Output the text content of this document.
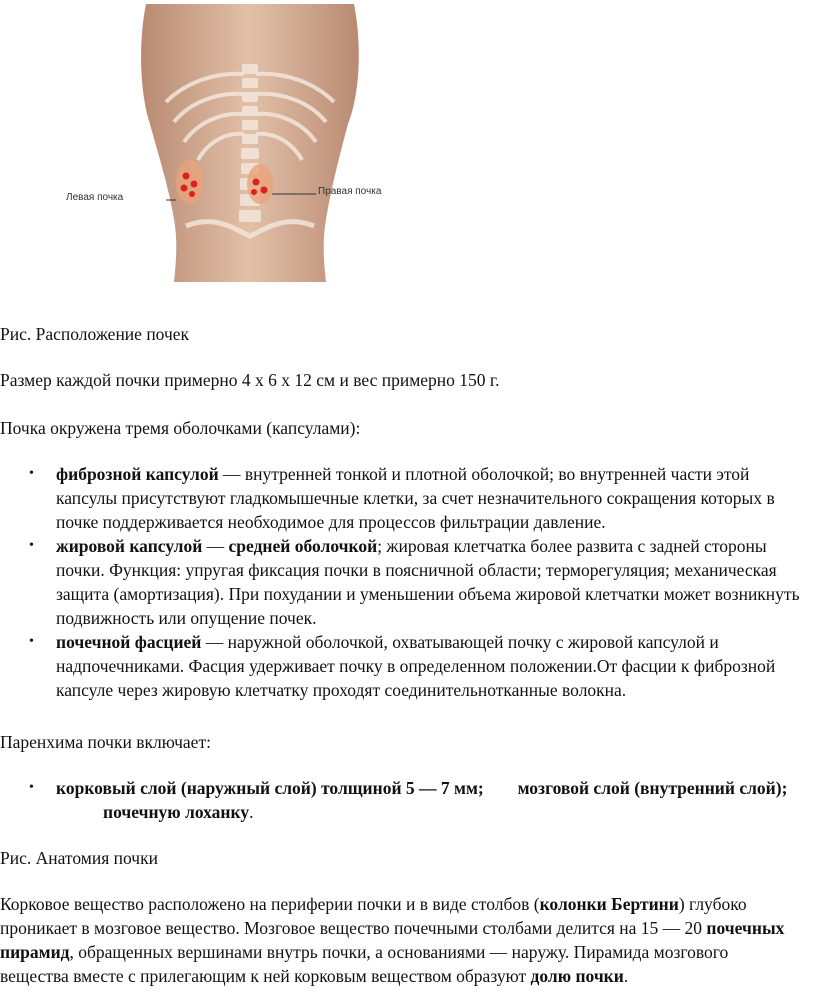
Левая почка
Правая почка

Рис. Расположение почек

Размер каждой почки примерно 4 х 6 х 12 см и вес примерно 150 г.

Почка окружена тремя оболочками (капсулами):

• фиброзной капсулой — внутренней тонкой и плотной оболочкой; во внутренней части этой капсулы присутствуют гладкомышечные клетки, за счет незначительного сокращения которых в почке поддерживается необходимое для процессов фильтрации давление.
• жировой капсулой — средней оболочкой; жировая клетчатка более развита с задней стороны почки. Функция: упругая фиксация почки в поясничной области; терморегуляция; механическая защита (амортизация). При похудании и уменьшении объема жировой клетчатки может возникнуть подвижность или опущение почек.
• почечной фасцией — наружной оболочкой, охватывающей почку с жировой капсулой и надпочечниками. Фасция удерживает почку в определенном положении.От фасции к фиброзной капсуле через жировую клетчатку проходят соединительнотканные волокна.

Паренхима почки включает:

• корковый слой (наружный слой) толщиной 5 — 7 мм; мозговой слой (внутренний слой);         почечную лоханку.

Рис. Анатомия почки

Корковое вещество расположено на периферии почки и в виде столбов (колонки Бертини) глубоко проникает в мозговое вещество. Мозговое вещество почечными столбами делится на 15 — 20 почечных пирамид, обращенных вершинами внутрь почки, а основаниями — наружу. Пирамида мозгового вещества вместе с прилегающим к ней корковым веществом образуют долю почки.
